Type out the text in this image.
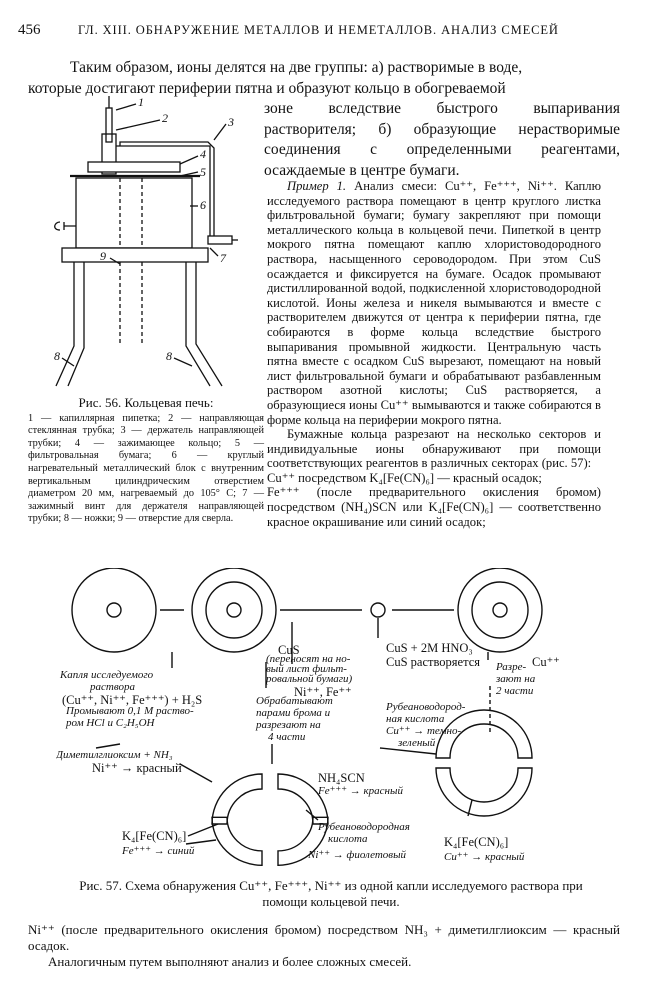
456	ГЛ. XIII. ОБНАРУЖЕНИЕ МЕТАЛЛОВ И НЕМЕТАЛЛОВ. АНАЛИЗ СМЕСЕЙ

Таким образом, ионы делятся на две группы: а) растворимые в воде,

которые достигают периферии пятна и образуют кольцо в обогреваемой

зоне вследствие быстрого выпаривания растворителя; б) образующие нерастворимые соединения с определенными реагентами, осаждаемые в центре бумаги.

1
2	3
4
5
6
7
8
9
8
Рис. 56. Кольцевая печь:
1 — капиллярная пипетка; 2 — направляющая стеклянная трубка; 3 — держатель направляющей трубки; 4 — зажимающее кольцо; 5 — фильтровальная бумага; 6 — круглый нагревательный металлический блок с внутренним вертикальным цилиндрическим отверстием диаметром 20 мм, нагреваемый до 105° С; 7 — зажимный винт для держателя направляющей трубки; 8 — ножки; 9 — отверстие для сверла.

Пример 1. Анализ смеси: Cu⁺⁺, Fe⁺⁺⁺, Ni⁺⁺. Каплю исследуемого раствора помещают в центр круглого листка фильтровальной бумаги; бумагу закрепляют при помощи металлического кольца в кольцевой печи. Пипеткой в центр мокрого пятна помещают каплю хлористоводородного раствора, насыщенного сероводородом. При этом CuS осаждается и фиксируется на бумаге. Осадок промывают дистиллированной водой, подкисленной хлористоводородной кислотой. Ионы железа и никеля вымываются и вместе с растворителем движутся от центра к периферии пятна, где собираются в форме кольца вследствие быстрого выпаривания промывной жидкости. Центральную часть пятна вместе с осадком CuS вырезают, помещают на новый лист фильтровальной бумаги и обрабатывают разбавленным раствором азотной кислоты; CuS растворяется, а образующиеся ионы Cu⁺⁺ вымываются и также собираются в форме кольца на периферии мокрого пятна.

Бумажные кольца разрезают на несколько секторов и индивидуальные ионы обнаруживают при помощи соответствующих реагентов в различных секторах (рис. 57):

Cu⁺⁺ посредством K₄[Fe(CN)₆] — красный осадок;

Fe⁺⁺⁺ (после предварительного окисления бромом) посредством (NH₄)SCN или K₄[Fe(CN)₆] — соответственно красное окрашивание или синий осадок;

Капля исследуемого
раствора
Промывают 0,1 М раство-
ром HCl и C₂H₅OH
(переносят на но-
вый лист фильт-
ровальной бумаги)
Обрабатывают
парами брома и
разрезают на
4 части
Разре-
зают на
2 части
Диметилглиоксим + NH₃
Fe⁺⁺⁺ → красный
Fe⁺⁺⁺ → синий
Рубеановодородная
кислота
Ni⁺⁺ → фиолетовый
Рубеановодород-
ная кислота
Cu⁺⁺ → темно-
зеленый
Cu⁺⁺ → красный
(Cu⁺⁺, Ni⁺⁺, Fe⁺⁺⁺) + H₂S
CuS
Ni⁺⁺, Fe⁺⁺
CuS + 2M HNO₃
CuS растворяется	Cu⁺⁺
Ni⁺⁺ → красный
NH₄SCN
K₄[Fe(CN)₆]	K₄[Fe(CN)₆]
Рис. 57. Схема обнаружения Cu⁺⁺, Fe⁺⁺⁺, Ni⁺⁺ из одной капли исследуемого раствора при помощи кольцевой печи.

Ni⁺⁺ (после предварительного окисления бромом) посредством NH₃ + диметилглиоксим — красный осадок.

Аналогичным путем выполняют анализ и более сложных смесей.
